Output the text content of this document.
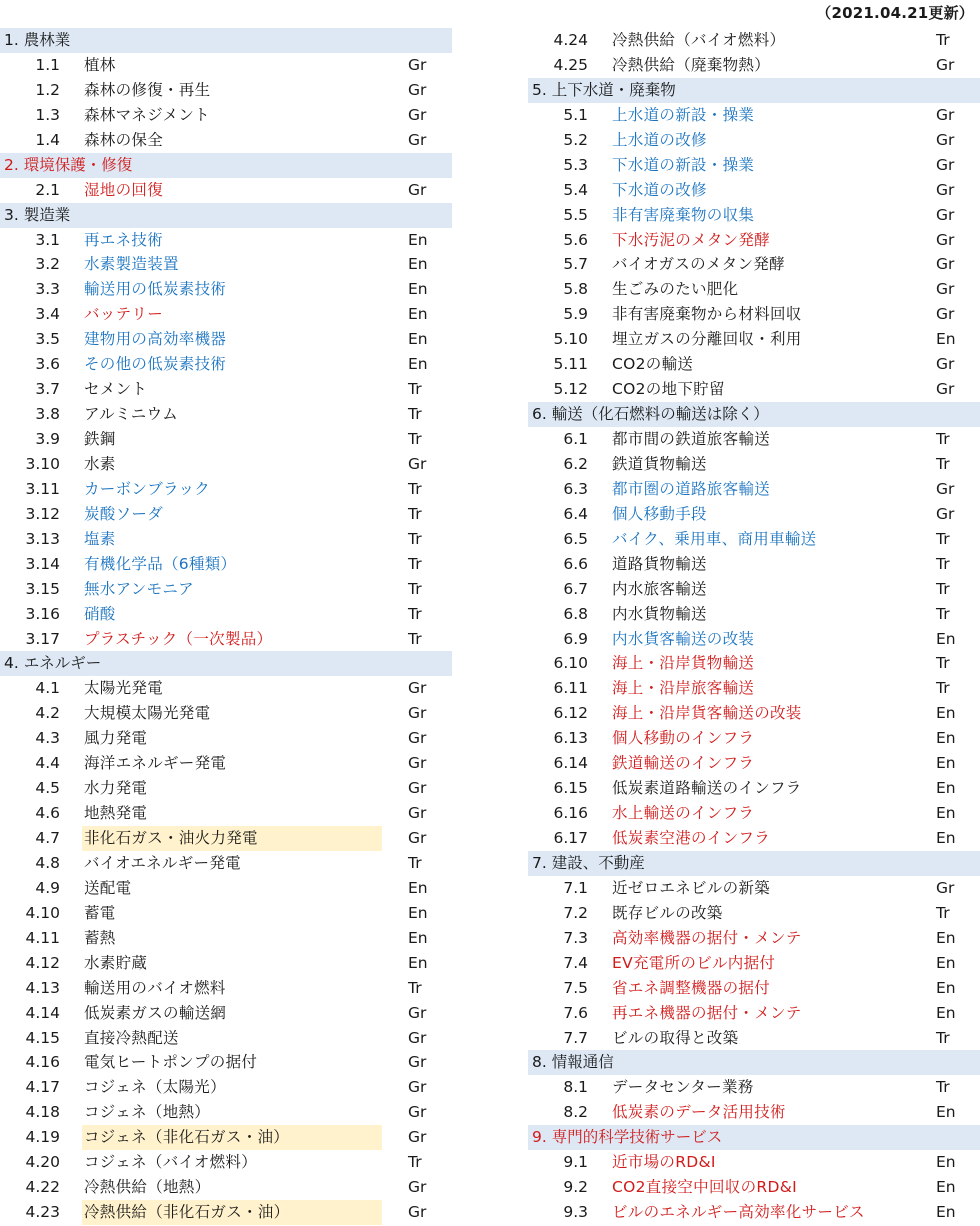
（2021.04.21更新）
1. 農林業
1.1 植林	Gr
1.2 森林の修復・再生	Gr
1.3 森林マネジメント	Gr
1.4 森林の保全	Gr
2. 環境保護・修復
2.1 湿地の回復	Gr
3. 製造業
3.1 再エネ技術	En
3.2 水素製造装置	En
3.3 輸送用の低炭素技術	En
3.4 バッテリー	En
3.5 建物用の高効率機器	En
3.6 その他の低炭素技術	En
3.7 セメント	Tr
3.8 アルミニウム	Tr
3.9 鉄鋼	Tr
3.10 水素	Gr
3.11 カーボンブラック	Tr
3.12 炭酸ソーダ	Tr
3.13 塩素	Tr
3.14 有機化学品（6種類）	Tr
3.15 無水アンモニア	Tr
3.16 硝酸	Tr
3.17 プラスチック（一次製品）	Tr
4. エネルギー
4.1 太陽光発電	Gr
4.2 大規模太陽光発電	Gr
4.3 風力発電	Gr
4.4 海洋エネルギー発電	Gr
4.5 水力発電	Gr
4.6 地熱発電	Gr
4.7 非化石ガス・油火力発電	Gr
4.8 バイオエネルギー発電	Tr
4.9 送配電	En
4.10 蓄電	En
4.11 蓄熱	En
4.12 水素貯蔵	En
4.13 輸送用のバイオ燃料	Tr
4.14 低炭素ガスの輸送網	Gr
4.15 直接冷熱配送	Gr
4.16 電気ヒートポンプの据付	Gr
4.17 コジェネ（太陽光）	Gr
4.18 コジェネ（地熱）	Gr
4.19 コジェネ（非化石ガス・油）	Gr
4.20 コジェネ（バイオ燃料）	Tr
4.22 冷熱供給（地熱）	Gr
4.23 冷熱供給（非化石ガス・油）	Gr
4.24 冷熱供給（バイオ燃料）	Tr
4.25 冷熱供給（廃棄物熱）	Gr
5. 上下水道・廃棄物
5.1 上水道の新設・操業	Gr
5.2 上水道の改修	Gr
5.3 下水道の新設・操業	Gr
5.4 下水道の改修	Gr
5.5 非有害廃棄物の収集	Gr
5.6 下水汚泥のメタン発酵	Gr
5.7 バイオガスのメタン発酵	Gr
5.8 生ごみのたい肥化	Gr
5.9 非有害廃棄物から材料回収	Gr
5.10 埋立ガスの分離回収・利用	En
5.11 CO2の輸送	Gr
5.12 CO2の地下貯留	Gr
6. 輸送（化石燃料の輸送は除く）
6.1 都市間の鉄道旅客輸送	Tr
6.2 鉄道貨物輸送	Tr
6.3 都市圏の道路旅客輸送	Gr
6.4 個人移動手段	Gr
6.5 バイク、乗用車、商用車輸送	Tr
6.6 道路貨物輸送	Tr
6.7 内水旅客輸送	Tr
6.8 内水貨物輸送	Tr
6.9 内水貨客輸送の改装	En
6.10 海上・沿岸貨物輸送	Tr
6.11 海上・沿岸旅客輸送	Tr
6.12 海上・沿岸貨客輸送の改装	En
6.13 個人移動のインフラ	En
6.14 鉄道輸送のインフラ	En
6.15 低炭素道路輸送のインフラ	En
6.16 水上輸送のインフラ	En
6.17 低炭素空港のインフラ	En
7. 建設、不動産
7.1 近ゼロエネビルの新築	Gr
7.2 既存ビルの改築	Tr
7.3 高効率機器の据付・メンテ	En
7.4 EV充電所のビル内据付	En
7.5 省エネ調整機器の据付	En
7.6 再エネ機器の据付・メンテ	En
7.7 ビルの取得と改築	Tr
8. 情報通信
8.1 データセンター業務	Tr
8.2 低炭素のデータ活用技術	En
9. 専門的科学技術サービス
9.1 近市場のRD&I	En
9.2 CO2直接空中回収のRD&I	En
9.3 ビルのエネルギー高効率化サービス	En
